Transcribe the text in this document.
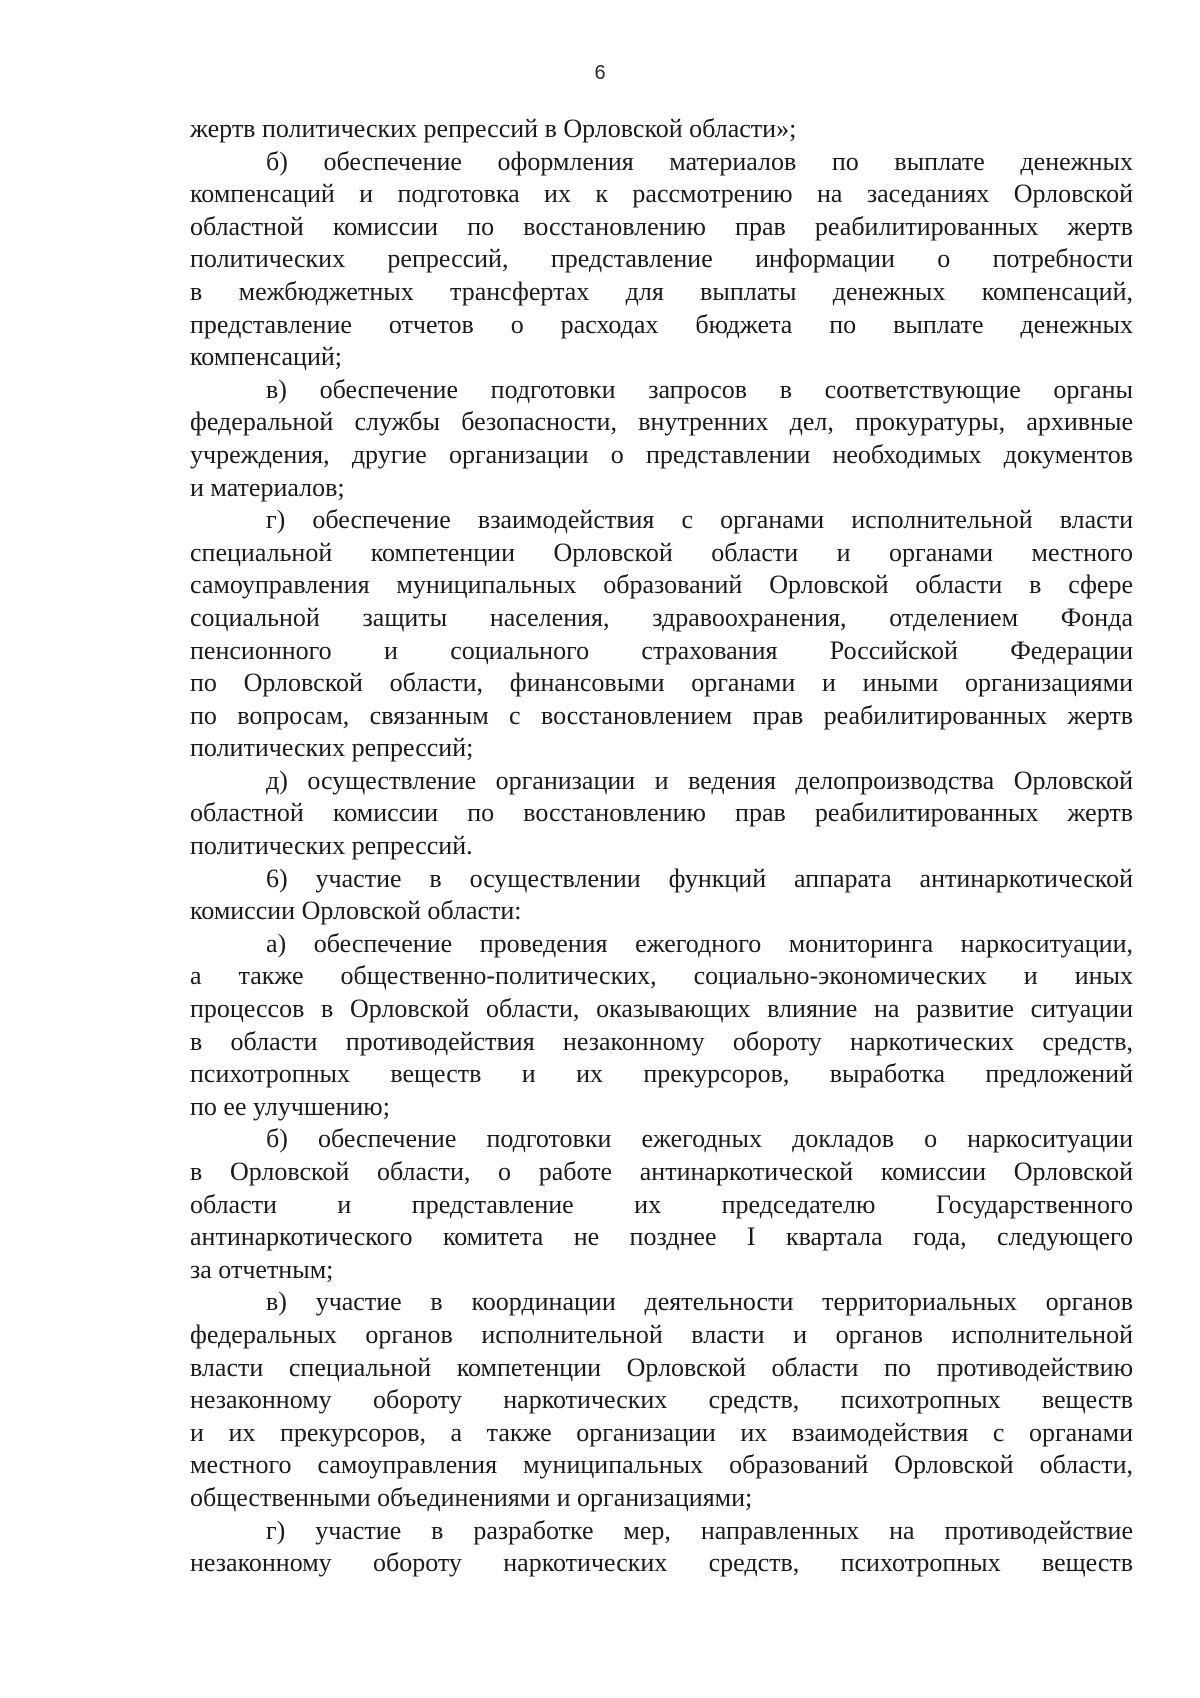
6
жертв политических репрессий в Орловской области»;
б) обеспечение оформления материалов по выплате денежных
компенсаций и подготовка их к рассмотрению на заседаниях Орловской
областной комиссии по восстановлению прав реабилитированных жертв
политических репрессий, представление информации о потребности
в межбюджетных трансфертах для выплаты денежных компенсаций,
представление отчетов о расходах бюджета по выплате денежных
компенсаций;
в) обеспечение подготовки запросов в соответствующие органы
федеральной службы безопасности, внутренних дел, прокуратуры, архивные
учреждения, другие организации о представлении необходимых документов
и материалов;
г) обеспечение взаимодействия с органами исполнительной власти
специальной компетенции Орловской области и органами местного
самоуправления муниципальных образований Орловской области в сфере
социальной защиты населения, здравоохранения, отделением Фонда
пенсионного и социального страхования Российской Федерации
по Орловской области, финансовыми органами и иными организациями
по вопросам, связанным с восстановлением прав реабилитированных жертв
политических репрессий;
д) осуществление организации и ведения делопроизводства Орловской
областной комиссии по восстановлению прав реабилитированных жертв
политических репрессий.
6) участие в осуществлении функций аппарата антинаркотической
комиссии Орловской области:
а) обеспечение проведения ежегодного мониторинга наркоситуации,
а также общественно-политических, социально-экономических и иных
процессов в Орловской области, оказывающих влияние на развитие ситуации
в области противодействия незаконному обороту наркотических средств,
психотропных веществ и их прекурсоров, выработка предложений
по ее улучшению;
б) обеспечение подготовки ежегодных докладов о наркоситуации
в Орловской области, о работе антинаркотической комиссии Орловской
области и представление их председателю Государственного
антинаркотического комитета не позднее I квартала года, следующего
за отчетным;
в) участие в координации деятельности территориальных органов
федеральных органов исполнительной власти и органов исполнительной
власти специальной компетенции Орловской области по противодействию
незаконному обороту наркотических средств, психотропных веществ
и их прекурсоров, а также организации их взаимодействия с органами
местного самоуправления муниципальных образований Орловской области,
общественными объединениями и организациями;
г) участие в разработке мер, направленных на противодействие
незаконному обороту наркотических средств, психотропных веществ
